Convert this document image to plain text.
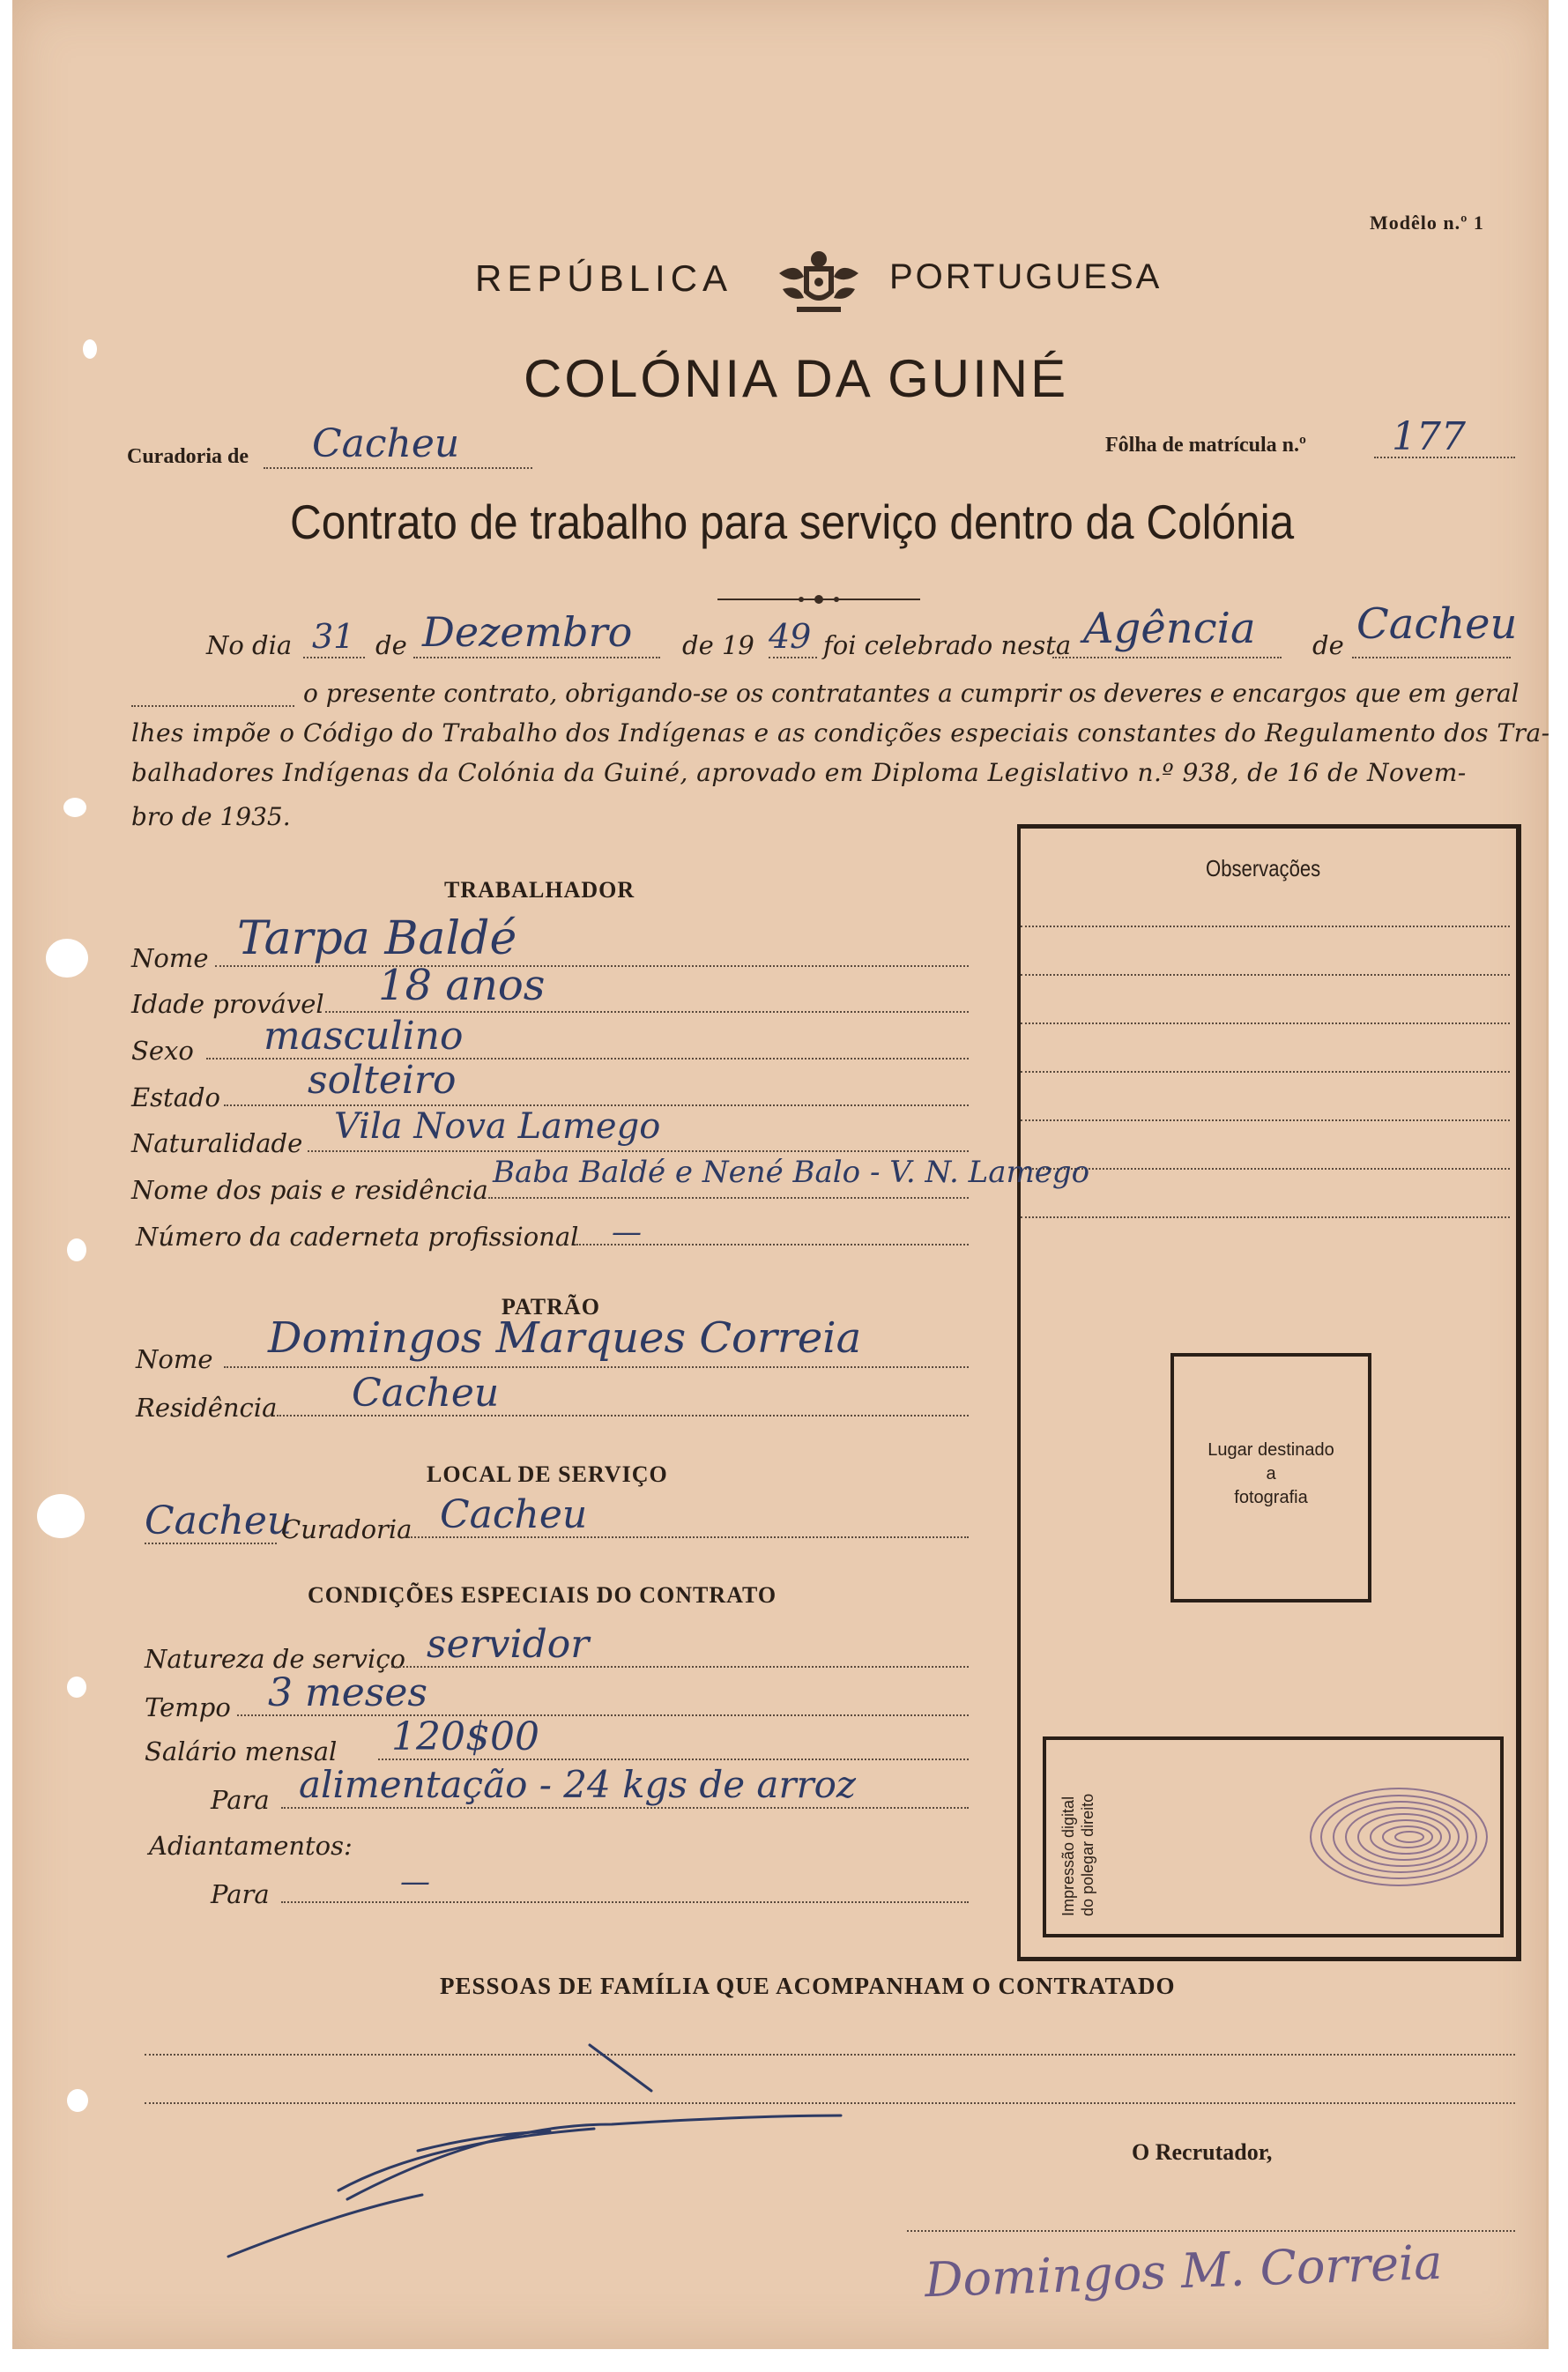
Modêlo n.º 1
REPÚBLICA	PORTUGUESA
COLÓNIA DA GUINÉ
Curadoria de Cacheu	Fôlha de matrícula n.º 177
Contrato de trabalho para serviço dentro da Colónia
No dia 31 de Dezembro de 19 49 foi celebrado nesta Agência de Cacheu
o presente contrato, obrigando-se os contratantes a cumprir os deveres e encargos que em geral
lhes impõe o Código do Trabalho dos Indígenas e as condições especiais constantes do Regulamento dos Tra-
balhadores Indígenas da Colónia da Guiné, aprovado em Diploma Legislativo n.º 938, de 16 de Novem-
bro de 1935.
Observações
Lugar destinado
a
fotografia
Impressão digital do polegar direito
TRABALHADOR
Nome Tarpa Baldé
Idade provável 18 anos
Sexo masculino
Estado solteiro
Naturalidade Vila Nova Lamego
Nome dos pais e residência Baba Baldé e Nené Balo - V. N. Lamego
Número da caderneta profissional —
PATRÃO
Nome Domingos Marques Correia
Residência Cacheu
LOCAL DE SERVIÇO
Cacheu
Curadoria Cacheu
CONDIÇÕES ESPECIAIS DO CONTRATO
Natureza de serviço servidor
Tempo 3 meses
Salário mensal 120$00
Para alimentação - 24 kgs de arroz
Adiantamentos:
Para	—
PESSOAS DE FAMÍLIA QUE ACOMPANHAM O CONTRATADO
O Recrutador,
Domingos M. Correia
